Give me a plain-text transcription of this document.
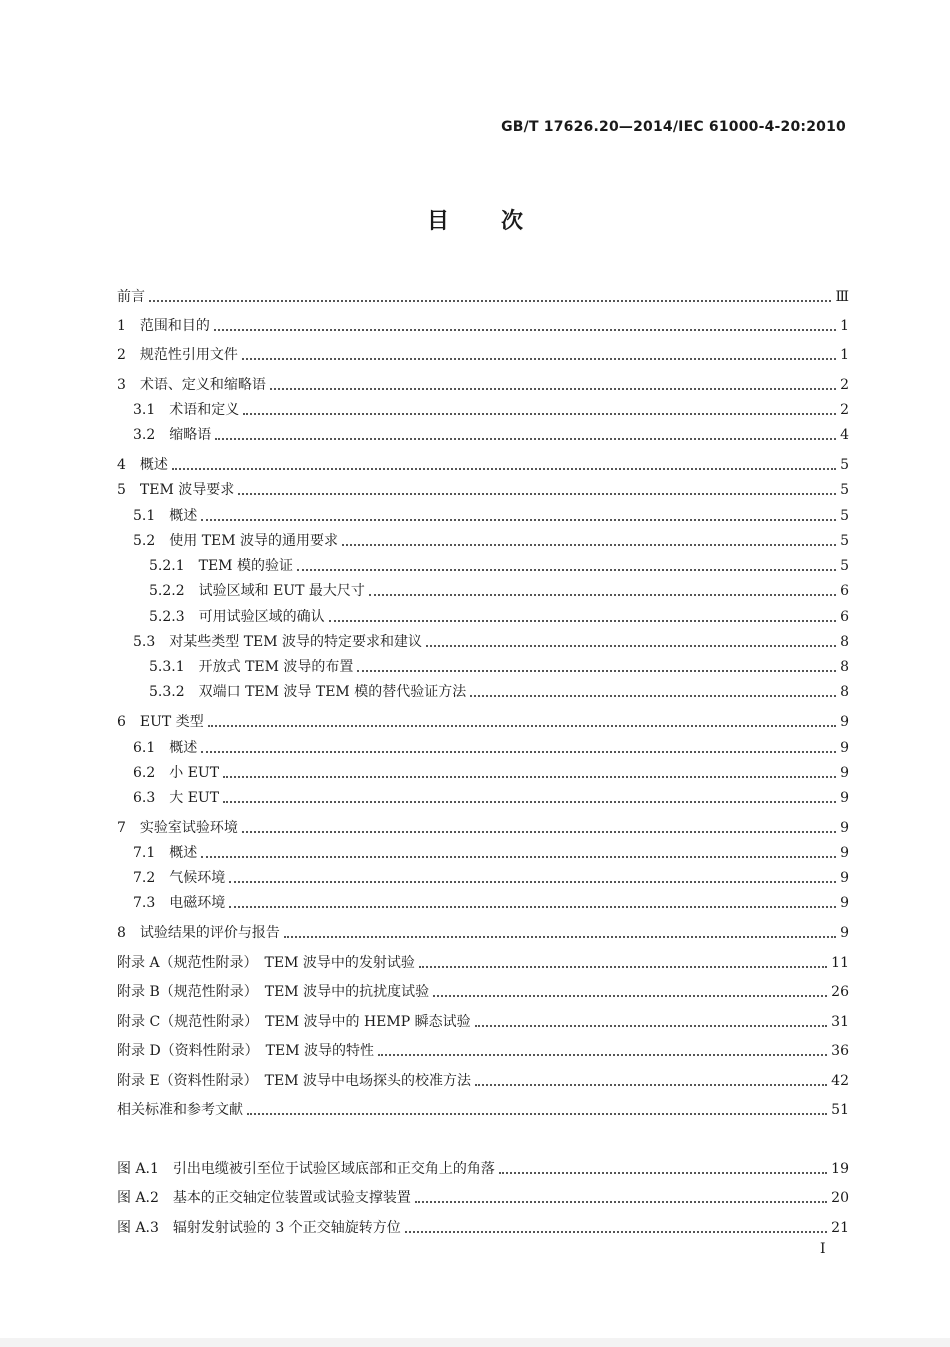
GB/T 17626.20—2014/IEC 61000-4-20:2010
目次
前言	Ⅲ
1　范围和目的	1
2　规范性引用文件	1
3　术语、定义和缩略语	2
3.1　术语和定义	2
3.2　缩略语	4
4　概述	5
5　TEM 波导要求	5
5.1　概述	5
5.2　使用 TEM 波导的通用要求	5
5.2.1　TEM 模的验证	5
5.2.2　试验区域和 EUT 最大尺寸	6
5.2.3　可用试验区域的确认	6
5.3　对某些类型 TEM 波导的特定要求和建议	8
5.3.1　开放式 TEM 波导的布置	8
5.3.2　双端口 TEM 波导 TEM 模的替代验证方法	8
6　EUT 类型	9
6.1　概述	9
6.2　小 EUT	9
6.3　大 EUT	9
7　实验室试验环境	9
7.1　概述	9
7.2　气候环境	9
7.3　电磁环境	9
8　试验结果的评价与报告	9
附录 A（规范性附录）　TEM 波导中的发射试验	11
附录 B（规范性附录）　TEM 波导中的抗扰度试验	26
附录 C（规范性附录）　TEM 波导中的 HEMP 瞬态试验	31
附录 D（资料性附录）　TEM 波导的特性	36
附录 E（资料性附录）　TEM 波导中电场探头的校准方法	42
相关标准和参考文献	51
图 A.1　引出电缆被引至位于试验区域底部和正交角上的角落	19
图 A.2　基本的正交轴定位装置或试验支撑装置	20
图 A.3　辐射发射试验的 3 个正交轴旋转方位	21
I
